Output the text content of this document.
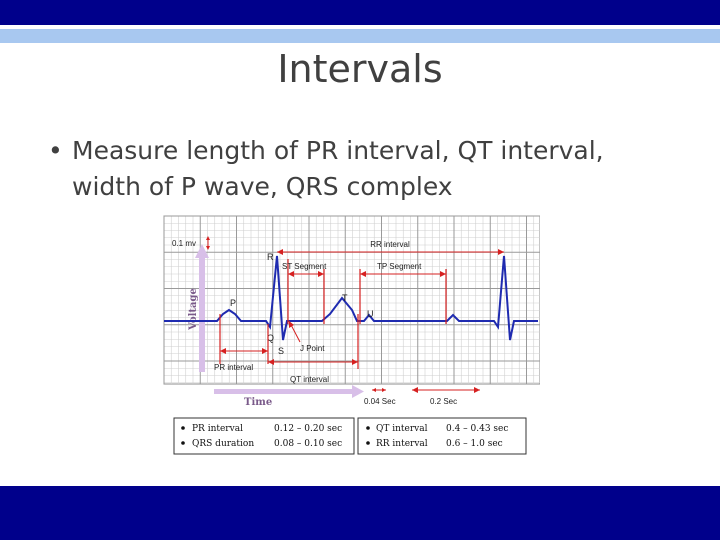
Intervals
• Measure length of PR interval, QT interval, width of P wave, QRS complex
Voltage
0.1 mv
P
Q
R
S
T
U
RR interval
ST Segment	TP Segment
J Point
PR interval
QT interval
Time	0.04 Sec	0.2 Sec
PR interval	0.12 – 0.20 sec
QRS duration 0.08 – 0.10 sec
QT interval 0.4 – 0.43 sec
RR interval 0.6 – 1.0 sec
